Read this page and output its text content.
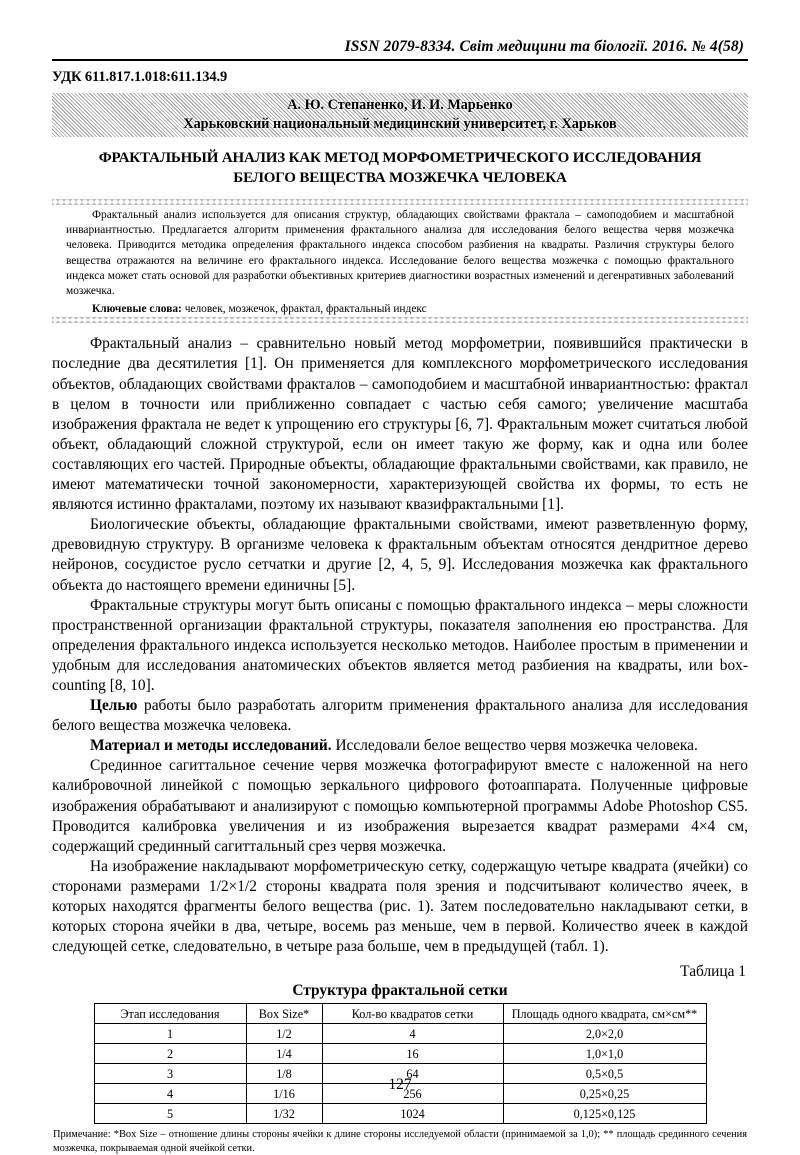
ISSN 2079-8334. Світ медицини та біології. 2016. № 4(58)
УДК 611.817.1.018:611.134.9
А. Ю. Степаненко, И. И. Марьенко
Харьковский национальный медицинский университет, г. Харьков
ФРАКТАЛЬНЫЙ АНАЛИЗ КАК МЕТОД МОРФОМЕТРИЧЕСКОГО ИССЛЕДОВАНИЯ
БЕЛОГО ВЕЩЕСТВА МОЗЖЕЧКА ЧЕЛОВЕКА

Фрактальный анализ используется для описания структур, обладающих свойствами фрактала – самоподобием и масштабной инвариантностью. Предлагается алгоритм применения фрактального анализа для исследования белого вещества червя мозжечка человека. Приводится методика определения фрактального индекса способом разбиения на квадраты. Различия структуры белого вещества отражаются на величине его фрактального индекса. Исследование белого вещества мозжечка с помощью фрактального индекса может стать основой для разработки объективных критериев диагностики возрастных изменений и дегенративных заболеваний мозжечка.

Ключевые слова: человек, мозжечок, фрактал, фрактальный индекс

Фрактальный анализ – сравнительно новый метод морфометрии, появившийся практически в последние два десятилетия [1]. Он применяется для комплексного морфометрического исследования объектов, обладающих свойствами фракталов – самоподобием и масштабной инвариантностью: фрактал в целом в точности или приближенно совпадает с частью себя самого; увеличение масштаба изображения фрактала не ведет к упрощению его структуры [6, 7]. Фрактальным может считаться любой объект, обладающий сложной структурой, если он имеет такую же форму, как и одна или более составляющих его частей. Природные объекты, обладающие фрактальными свойствами, как правило, не имеют математически точной закономерности, характеризующей свойства их формы, то есть не являются истинно фракталами, поэтому их называют квазифрактальными [1].

Биологические объекты, обладающие фрактальными свойствами, имеют разветвленную форму, древовидную структуру. В организме человека к фрактальным объектам относятся дендритное дерево нейронов, сосудистое русло сетчатки и другие [2, 4, 5, 9]. Исследования мозжечка как фрактального объекта до настоящего времени единичны [5].

Фрактальные структуры могут быть описаны с помощью фрактального индекса – меры сложности пространственной организации фрактальной структуры, показателя заполнения ею пространства. Для определения фрактального индекса используется несколько методов. Наиболее простым в применении и удобным для исследования анатомических объектов является метод разбиения на квадраты, или box-counting [8, 10].

Целью работы было разработать алгоритм применения фрактального анализа для исследования белого вещества мозжечка человека.

Материал и методы исследований. Исследовали белое вещество червя мозжечка человека.

Срединное сагиттальное сечение червя мозжечка фотографируют вместе с наложенной на него калибровочной линейкой с помощью зеркального цифрового фотоаппарата. Полученные цифровые изображения обрабатывают и анализируют с помощью компьютерной программы Adobe Photoshop CS5. Проводится калибровка увеличения и из изображения вырезается квадрат размерами 4×4 см, содержащий срединный сагиттальный срез червя мозжечка.

На изображение накладывают морфометрическую сетку, содержащую четыре квадрата (ячейки) со сторонами размерами 1/2×1/2 стороны квадрата поля зрения и подсчитывают количество ячеек, в которых находятся фрагменты белого вещества (рис. 1). Затем последовательно накладывают сетки, в которых сторона ячейки в два, четыре, восемь раз меньше, чем в первой. Количество ячеек в каждой следующей сетке, следовательно, в четыре раза больше, чем в предыдущей (табл. 1).

Таблица 1
Структура фрактальной сетки
Этап исследования	Box Size*	Кол-во квадратов сетки	Площадь одного квадрата, см×см**
1	1/2	4	2,0×2,0
2	1/4	16	1,0×1,0
3	1/8	64	0,5×0,5
4	1/16	256	0,25×0,25
5	1/32	1024	0,125×0,125
Примечание: *Box Size – отношение длины стороны ячейки к длине стороны исследуемой области (принимаемой за 1,0); ** площадь срединного сечения мозжечка, покрываемая одной ячейкой сетки.
127
